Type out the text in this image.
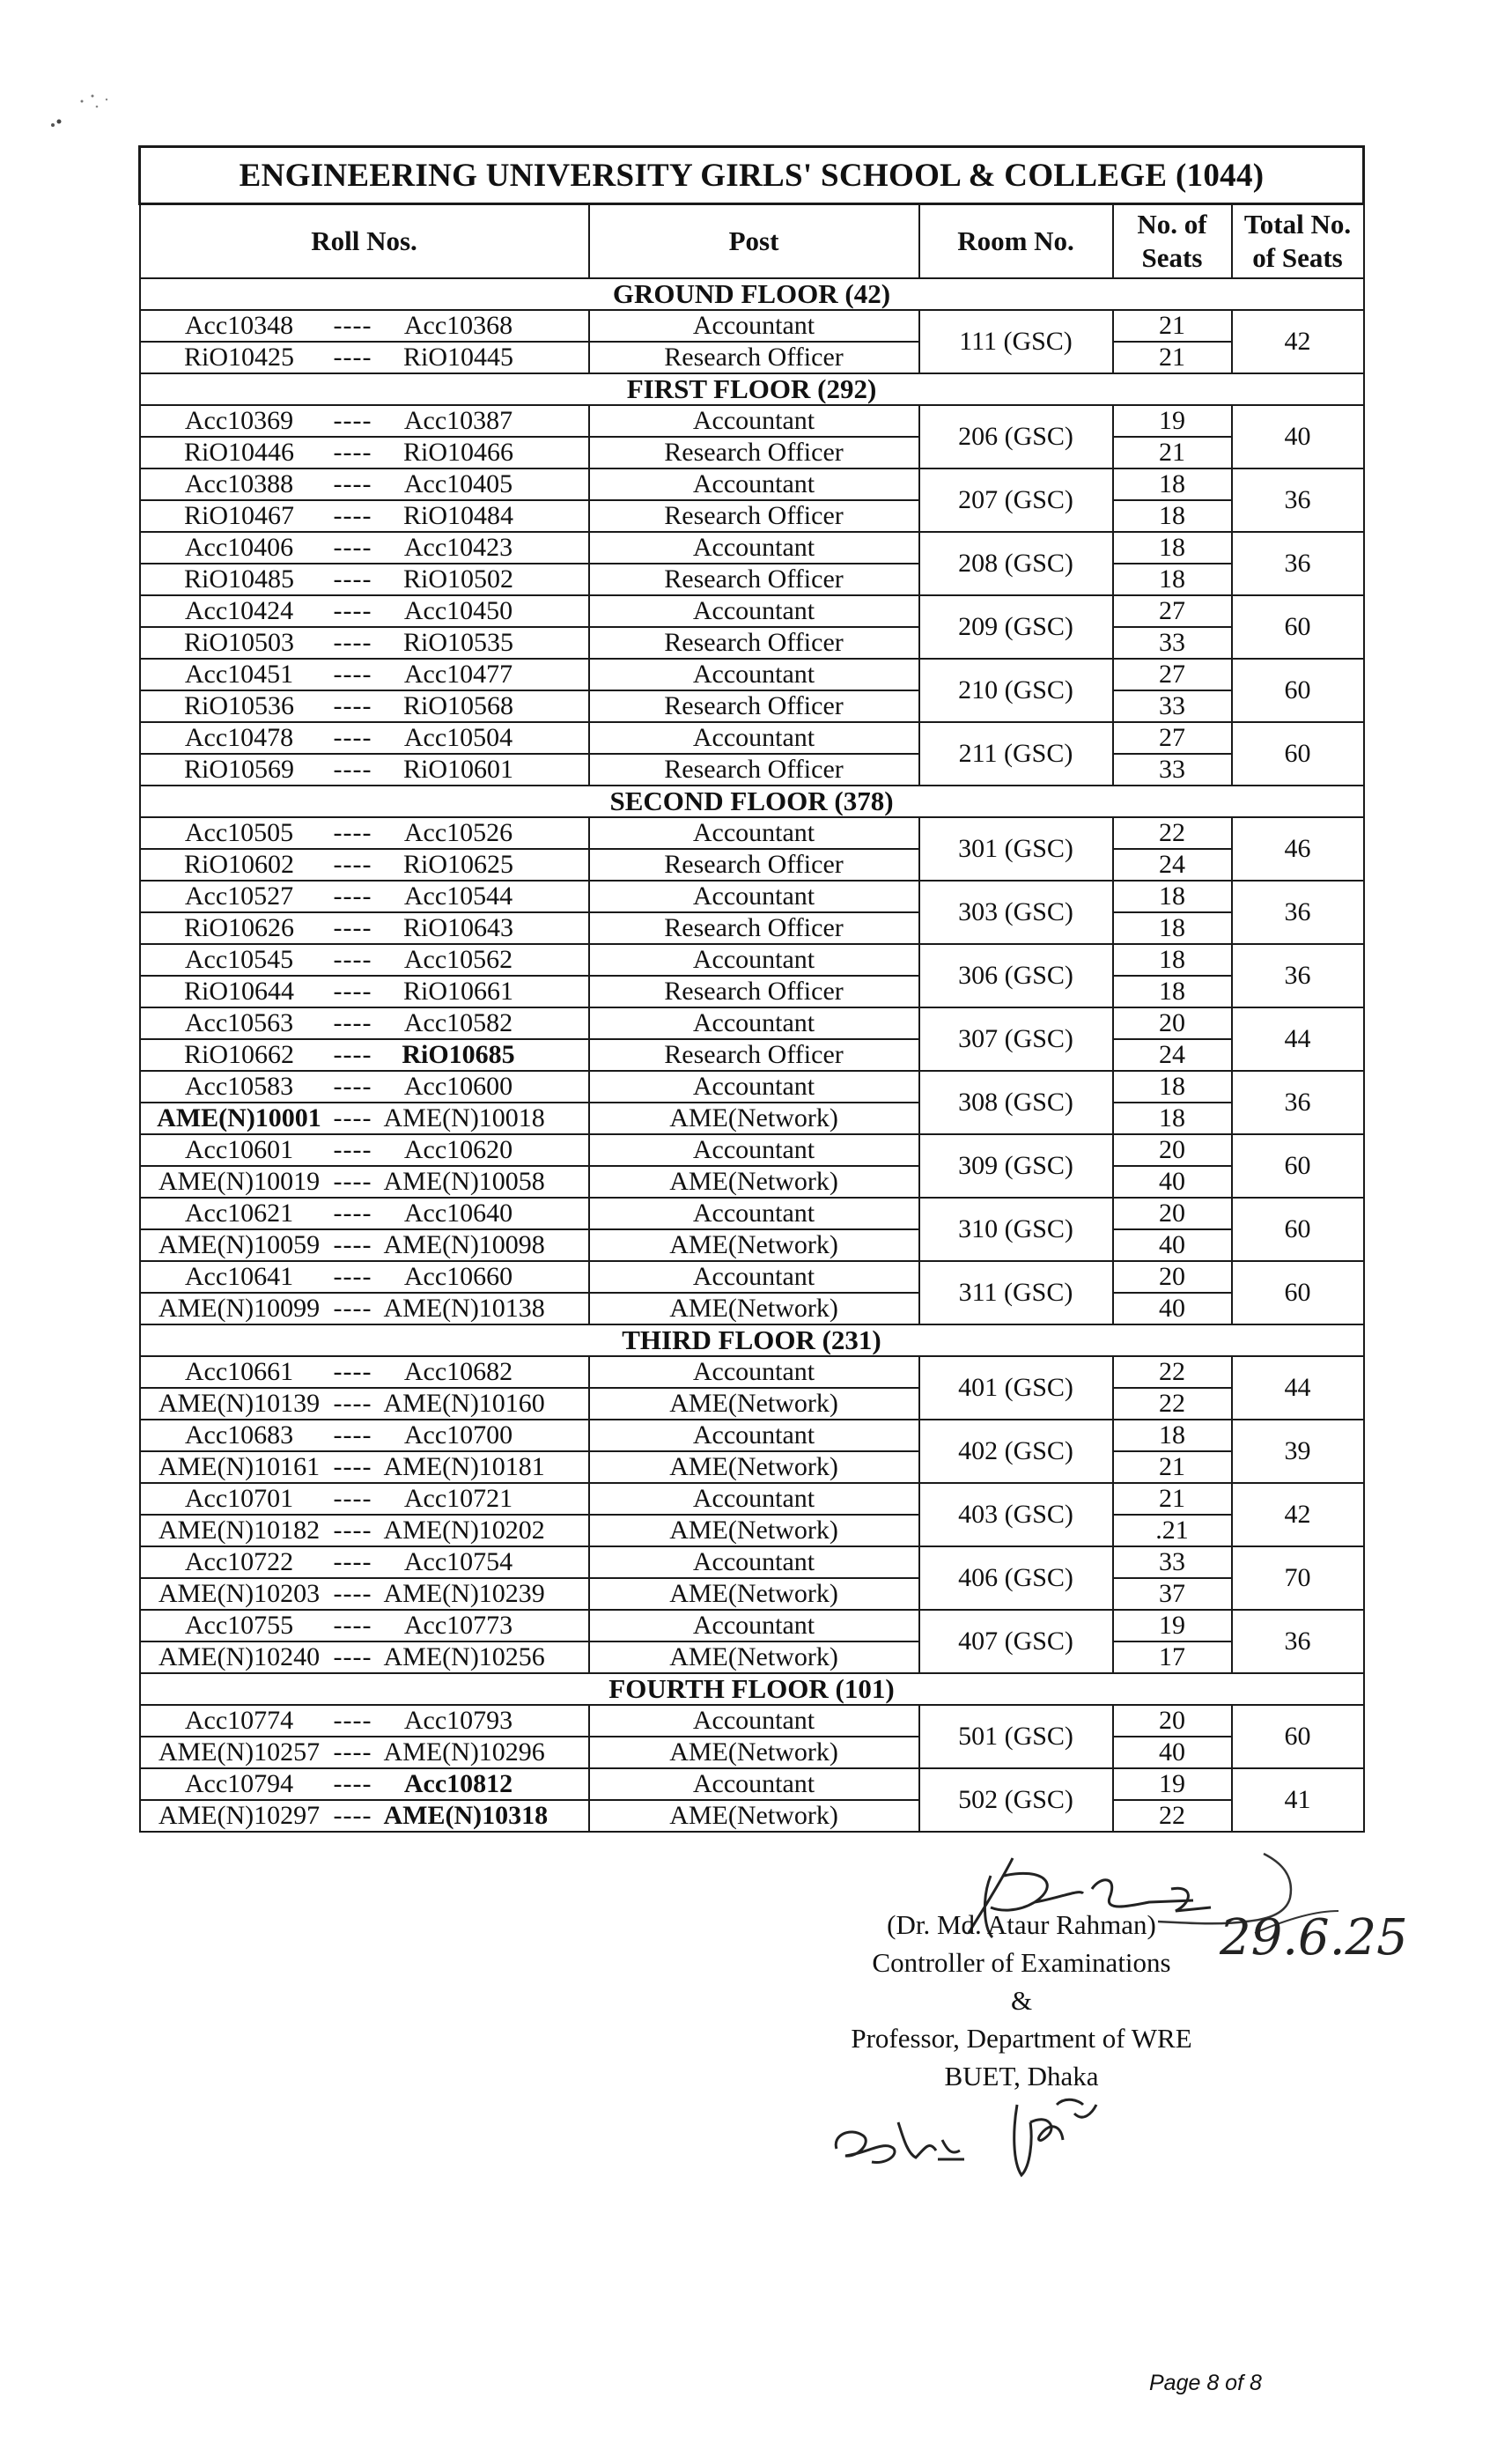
ENGINEERING UNIVERSITY GIRLS' SCHOOL & COLLEGE (1044)				
Roll Nos.	Post	Room No.	No. of Seats	Total No. of Seats
GROUND FLOOR (42)				
Acc10348 ---- Acc10368	Accountant	111 (GSC)	21	42
RiO10425 ---- RiO10445	Research Officer		21	
FIRST FLOOR (292)				
Acc10369 ---- Acc10387	Accountant	206 (GSC)	19	40
RiO10446 ---- RiO10466	Research Officer		21	
Acc10388 ---- Acc10405	Accountant	207 (GSC)	18	36
RiO10467 ---- RiO10484	Research Officer		18	
Acc10406 ---- Acc10423	Accountant	208 (GSC)	18	36
RiO10485 ---- RiO10502	Research Officer		18	
Acc10424 ---- Acc10450	Accountant	209 (GSC)	27	60
RiO10503 ---- RiO10535	Research Officer		33	
Acc10451 ---- Acc10477	Accountant	210 (GSC)	27	60
RiO10536 ---- RiO10568	Research Officer		33	
Acc10478 ---- Acc10504	Accountant	211 (GSC)	27	60
RiO10569 ---- RiO10601	Research Officer		33	
SECOND FLOOR (378)				
Acc10505 ---- Acc10526	Accountant	301 (GSC)	22	46
RiO10602 ---- RiO10625	Research Officer		24	
Acc10527 ---- Acc10544	Accountant	303 (GSC)	18	36
RiO10626 ---- RiO10643	Research Officer		18	
Acc10545 ---- Acc10562	Accountant	306 (GSC)	18	36
RiO10644 ---- RiO10661	Research Officer		18	
Acc10563 ---- Acc10582	Accountant	307 (GSC)	20	44
RiO10662 ---- RiO10685	Research Officer		24	
Acc10583 ---- Acc10600	Accountant	308 (GSC)	18	36
AME(N)10001 ---- AME(N)10018	AME(Network)		18	
Acc10601 ---- Acc10620	Accountant	309 (GSC)	20	60
AME(N)10019 ---- AME(N)10058	AME(Network)		40	
Acc10621 ---- Acc10640	Accountant	310 (GSC)	20	60
AME(N)10059 ---- AME(N)10098	AME(Network)		40	
Acc10641 ---- Acc10660	Accountant	311 (GSC)	20	60
AME(N)10099 ---- AME(N)10138	AME(Network)		40	
THIRD FLOOR (231)				
Acc10661 ---- Acc10682	Accountant	401 (GSC)	22	44
AME(N)10139 ---- AME(N)10160	AME(Network)		22	
Acc10683 ---- Acc10700	Accountant	402 (GSC)	18	39
AME(N)10161 ---- AME(N)10181	AME(Network)		21	
Acc10701 ---- Acc10721	Accountant	403 (GSC)	21	42
AME(N)10182 ---- AME(N)10202	AME(Network)		.21	
Acc10722 ---- Acc10754	Accountant	406 (GSC)	33	70
AME(N)10203 ---- AME(N)10239	AME(Network)		37	
Acc10755 ---- Acc10773	Accountant	407 (GSC)	19	36
AME(N)10240 ---- AME(N)10256	AME(Network)		17	
FOURTH FLOOR (101)				
Acc10774 ---- Acc10793	Accountant	501 (GSC)	20	60
AME(N)10257 ---- AME(N)10296	AME(Network)		40	
Acc10794 ---- Acc10812	Accountant	502 (GSC)	19	41
AME(N)10297 ---- AME(N)10318	AME(Network)		22	
(Dr. Md. Ataur Rahman)
Controller of Examinations
&
Professor, Department of WRE
BUET, Dhaka
29.6.25
Page 8 of 8
